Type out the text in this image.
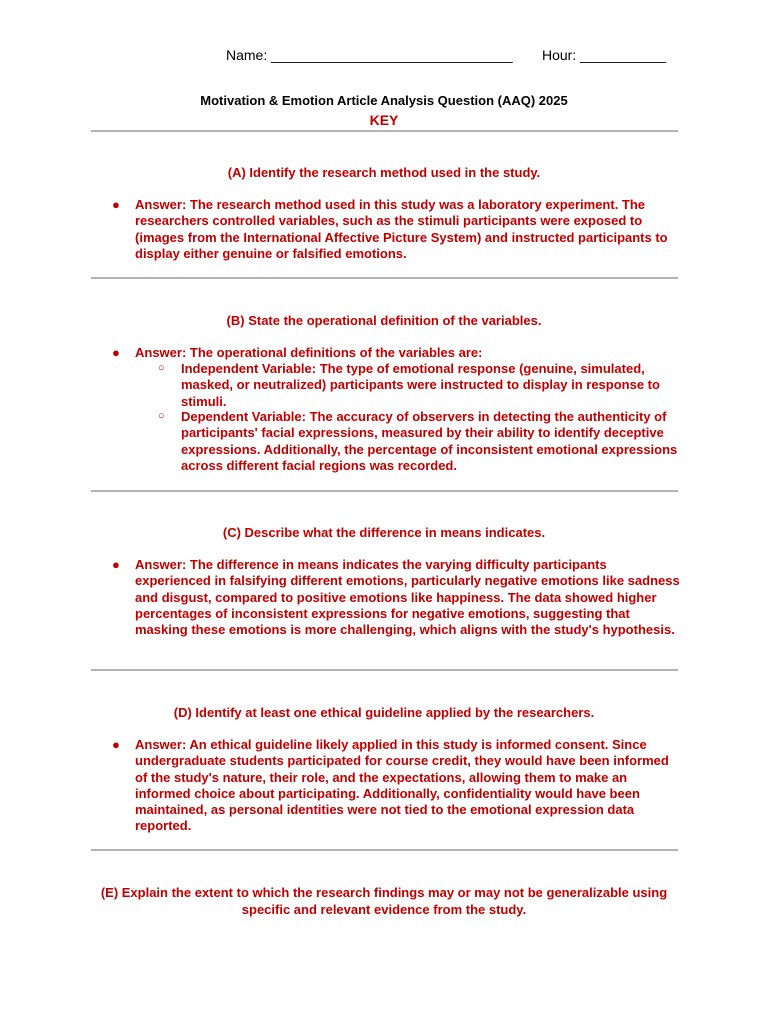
Name: _______________________________ Hour: ___________
Motivation & Emotion Article Analysis Question (AAQ) 2025
KEY
(A) Identify the research method used in the study.
● Answer: The research method used in this study was a laboratory experiment. The researchers controlled variables, such as the stimuli participants were exposed to (images from the International Affective Picture System) and instructed participants to display either genuine or falsified emotions.
(B) State the operational definition of the variables.
● Answer: The operational definitions of the variables are:
○ Independent Variable: The type of emotional response (genuine, simulated, masked, or neutralized) participants were instructed to display in response to stimuli.
○ Dependent Variable: The accuracy of observers in detecting the authenticity of participants' facial expressions, measured by their ability to identify deceptive expressions. Additionally, the percentage of inconsistent emotional expressions across different facial regions was recorded.
(C) Describe what the difference in means indicates.
● Answer: The difference in means indicates the varying difficulty participants experienced in falsifying different emotions, particularly negative emotions like sadness and disgust, compared to positive emotions like happiness. The data showed higher percentages of inconsistent expressions for negative emotions, suggesting that masking these emotions is more challenging, which aligns with the study's hypothesis.
(D) Identify at least one ethical guideline applied by the researchers.
● Answer: An ethical guideline likely applied in this study is informed consent. Since undergraduate students participated for course credit, they would have been informed of the study's nature, their role, and the expectations, allowing them to make an informed choice about participating. Additionally, confidentiality would have been maintained, as personal identities were not tied to the emotional expression data reported.
(E) Explain the extent to which the research findings may or may not be generalizable using specific and relevant evidence from the study.
